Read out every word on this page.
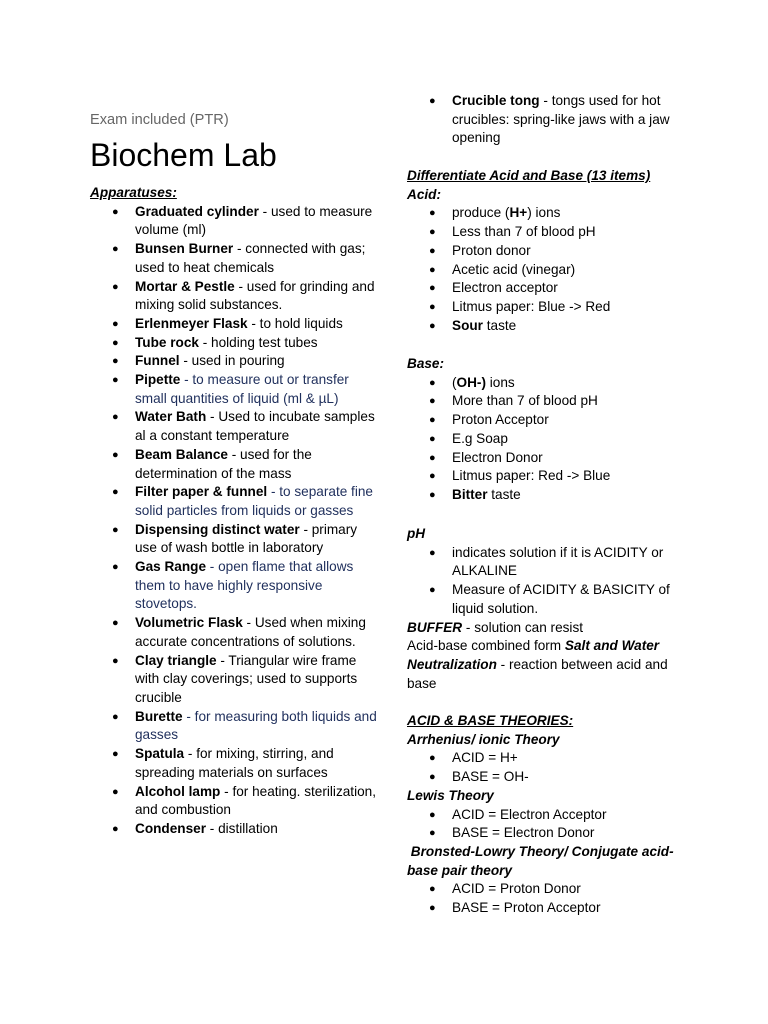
Exam included (PTR)
Biochem Lab
Apparatuses:
● Graduated cylinder - used to measure volume (ml)
● Bunsen Burner - connected with gas; used to heat chemicals
● Mortar & Pestle - used for grinding and mixing solid substances.
● Erlenmeyer Flask - to hold liquids
● Tube rock - holding test tubes
● Funnel - used in pouring
● Pipette - to measure out or transfer small quantities of liquid (ml & µL)
● Water Bath - Used to incubate samples al a constant temperature
● Beam Balance - used for the determination of the mass
● Filter paper & funnel - to separate fine solid particles from liquids or gasses
● Dispensing distinct water - primary use of wash bottle in laboratory
● Gas Range - open flame that allows them to have highly responsive stovetops.
● Volumetric Flask - Used when mixing accurate concentrations of solutions.
● Clay triangle - Triangular wire frame with clay coverings; used to supports crucible
● Burette - for measuring both liquids and gasses
● Spatula - for mixing, stirring, and spreading materials on surfaces
● Alcohol lamp - for heating. sterilization, and combustion
● Condenser - distillation
● Crucible tong - tongs used for hot crucibles: spring-like jaws with a jaw opening
Differentiate Acid and Base (13 items)
Acid:
● produce (H+) ions
● Less than 7 of blood pH
● Proton donor
● Acetic acid (vinegar)
● Electron acceptor
● Litmus paper: Blue -> Red
● Sour taste
Base:
● (OH-) ions
● More than 7 of blood pH
● Proton Acceptor
● E.g Soap
● Electron Donor
● Litmus paper: Red -> Blue
● Bitter taste
pH
● indicates solution if it is ACIDITY or ALKALINE
● Measure of ACIDITY & BASICITY of liquid solution.
BUFFER - solution can resist
Acid-base combined form Salt and Water Neutralization - reaction between acid and base
ACID & BASE THEORIES:
Arrhenius/ ionic Theory
● ACID = H+
● BASE = OH-
Lewis Theory
● ACID = Electron Acceptor
● BASE = Electron Donor
Bronsted-Lowry Theory/ Conjugate acid-base pair theory
● ACID = Proton Donor
● BASE = Proton Acceptor
